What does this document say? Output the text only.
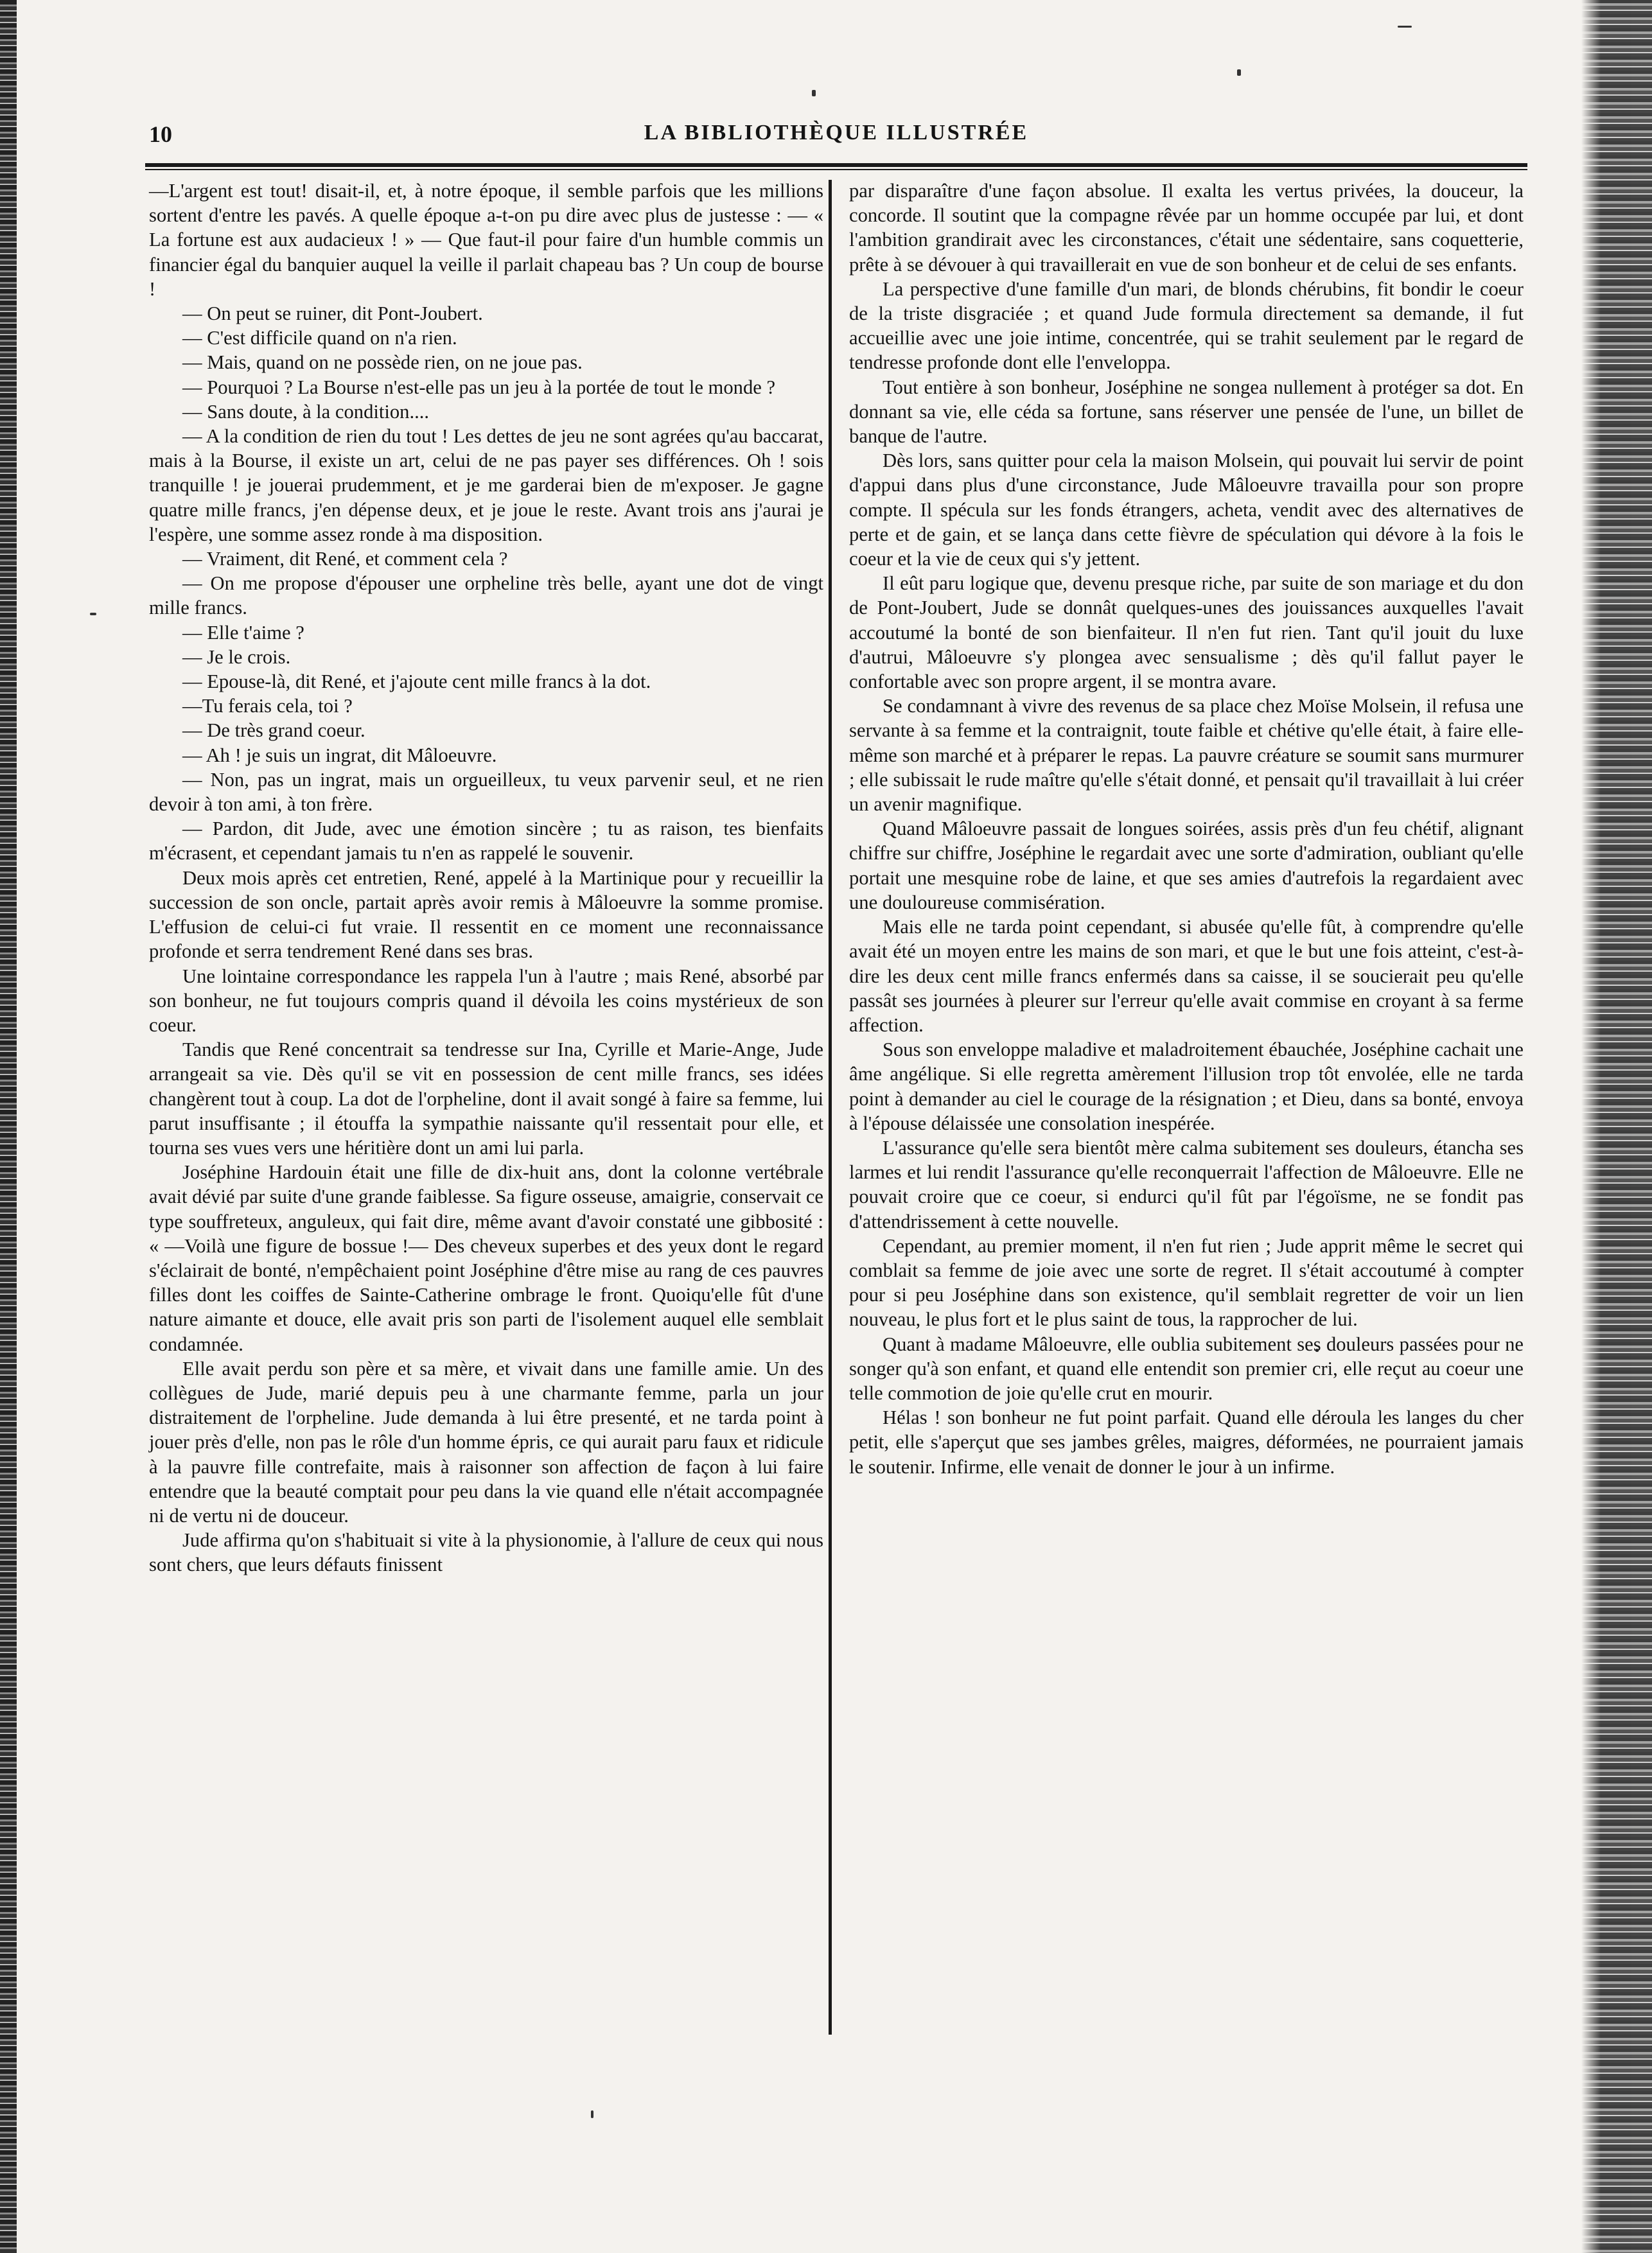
10	LA BIBLIOTHÈQUE ILLUSTRÉE

—L'argent est tout! disait-il, et, à notre époque, il semble parfois que les millions sortent d'entre les pavés. A quelle époque a-t-on pu dire avec plus de justesse : — « La fortune est aux audacieux ! » — Que faut-il pour faire d'un humble commis un financier égal du banquier auquel la veille il parlait chapeau bas ? Un coup de bourse !

— On peut se ruiner, dit Pont-Joubert.

— C'est difficile quand on n'a rien.

— Mais, quand on ne possède rien, on ne joue pas.

— Pourquoi ? La Bourse n'est-elle pas un jeu à la portée de tout le monde ?

— Sans doute, à la condition....

— A la condition de rien du tout ! Les dettes de jeu ne sont agrées qu'au baccarat, mais à la Bourse, il existe un art, celui de ne pas payer ses différences. Oh ! sois tranquille ! je jouerai prudemment, et je me garderai bien de m'exposer. Je gagne quatre mille francs, j'en dépense deux, et je joue le reste. Avant trois ans j'aurai je l'espère, une somme assez ronde à ma disposition.

— Vraiment, dit René, et comment cela ?

— On me propose d'épouser une orpheline très belle, ayant une dot de vingt mille francs.

— Elle t'aime ?

— Je le crois.

— Epouse-là, dit René, et j'ajoute cent mille francs à la dot.

—Tu ferais cela, toi ?

— De très grand coeur.

— Ah ! je suis un ingrat, dit Mâloeuvre.

— Non, pas un ingrat, mais un orgueilleux, tu veux parvenir seul, et ne rien devoir à ton ami, à ton frère.

— Pardon, dit Jude, avec une émotion sincère ; tu as raison, tes bienfaits m'écrasent, et cependant jamais tu n'en as rappelé le souvenir.

Deux mois après cet entretien, René, appelé à la Martinique pour y recueillir la succession de son oncle, partait après avoir remis à Mâloeuvre la somme promise. L'effusion de celui-ci fut vraie. Il ressentit en ce moment une reconnaissance profonde et serra tendrement René dans ses bras.

Une lointaine correspondance les rappela l'un à l'autre ; mais René, absorbé par son bonheur, ne fut toujours compris quand il dévoila les coins mystérieux de son coeur.

Tandis que René concentrait sa tendresse sur Ina, Cyrille et Marie-Ange, Jude arrangeait sa vie. Dès qu'il se vit en possession de cent mille francs, ses idées changèrent tout à coup. La dot de l'orpheline, dont il avait songé à faire sa femme, lui parut insuffisante ; il étouffa la sympathie naissante qu'il ressentait pour elle, et tourna ses vues vers une héritière dont un ami lui parla.

Joséphine Hardouin était une fille de dix-huit ans, dont la colonne vertébrale avait dévié par suite d'une grande faiblesse. Sa figure osseuse, amaigrie, conservait ce type souffreteux, anguleux, qui fait dire, même avant d'avoir constaté une gibbosité : « —Voilà une figure de bossue !— Des cheveux superbes et des yeux dont le regard s'éclairait de bonté, n'empêchaient point Joséphine d'être mise au rang de ces pauvres filles dont les coiffes de Sainte-Catherine ombrage le front. Quoiqu'elle fût d'une nature aimante et douce, elle avait pris son parti de l'isolement auquel elle semblait condamnée.

Elle avait perdu son père et sa mère, et vivait dans une famille amie. Un des collègues de Jude, marié depuis peu à une charmante femme, parla un jour distraitement de l'orpheline. Jude demanda à lui être presenté, et ne tarda point à jouer près d'elle, non pas le rôle d'un homme épris, ce qui aurait paru faux et ridicule à la pauvre fille contrefaite, mais à raisonner son affection de façon à lui faire entendre que la beauté comptait pour peu dans la vie quand elle n'était accompagnée ni de vertu ni de douceur.

Jude affirma qu'on s'habituait si vite à la physionomie, à l'allure de ceux qui nous sont chers, que leurs défauts finissent

par disparaître d'une façon absolue. Il exalta les vertus privées, la douceur, la concorde. Il soutint que la compagne rêvée par un homme occupée par lui, et dont l'ambition grandirait avec les circonstances, c'était une sédentaire, sans coquetterie, prête à se dévouer à qui travaillerait en vue de son bonheur et de celui de ses enfants.

La perspective d'une famille d'un mari, de blonds chérubins, fit bondir le coeur de la triste disgraciée ; et quand Jude formula directement sa demande, il fut accueillie avec une joie intime, concentrée, qui se trahit seulement par le regard de tendresse profonde dont elle l'enveloppa.

Tout entière à son bonheur, Joséphine ne songea nullement à protéger sa dot. En donnant sa vie, elle céda sa fortune, sans réserver une pensée de l'une, un billet de banque de l'autre.

Dès lors, sans quitter pour cela la maison Molsein, qui pouvait lui servir de point d'appui dans plus d'une circonstance, Jude Mâloeuvre travailla pour son propre compte. Il spécula sur les fonds étrangers, acheta, vendit avec des alternatives de perte et de gain, et se lança dans cette fièvre de spéculation qui dévore à la fois le coeur et la vie de ceux qui s'y jettent.

Il eût paru logique que, devenu presque riche, par suite de son mariage et du don de Pont-Joubert, Jude se donnât quelques-unes des jouissances auxquelles l'avait accoutumé la bonté de son bienfaiteur. Il n'en fut rien. Tant qu'il jouit du luxe d'autrui, Mâloeuvre s'y plongea avec sensualisme ; dès qu'il fallut payer le confortable avec son propre argent, il se montra avare.

Se condamnant à vivre des revenus de sa place chez Moïse Molsein, il refusa une servante à sa femme et la contraignit, toute faible et chétive qu'elle était, à faire elle-même son marché et à préparer le repas. La pauvre créature se soumit sans murmurer ; elle subissait le rude maître qu'elle s'était donné, et pensait qu'il travaillait à lui créer un avenir magnifique.

Quand Mâloeuvre passait de longues soirées, assis près d'un feu chétif, alignant chiffre sur chiffre, Joséphine le regardait avec une sorte d'admiration, oubliant qu'elle portait une mesquine robe de laine, et que ses amies d'autrefois la regardaient avec une douloureuse commisération.

Mais elle ne tarda point cependant, si abusée qu'elle fût, à comprendre qu'elle avait été un moyen entre les mains de son mari, et que le but une fois atteint, c'est-à-dire les deux cent mille francs enfermés dans sa caisse, il se soucierait peu qu'elle passât ses journées à pleurer sur l'erreur qu'elle avait commise en croyant à sa ferme affection.

Sous son enveloppe maladive et maladroitement ébauchée, Joséphine cachait une âme angélique. Si elle regretta amèrement l'illusion trop tôt envolée, elle ne tarda point à demander au ciel le courage de la résignation ; et Dieu, dans sa bonté, envoya à l'épouse délaissée une consolation inespérée.

L'assurance qu'elle sera bientôt mère calma subitement ses douleurs, étancha ses larmes et lui rendit l'assurance qu'elle reconquerrait l'affection de Mâloeuvre. Elle ne pouvait croire que ce coeur, si endurci qu'il fût par l'égoïsme, ne se fondit pas d'attendrissement à cette nouvelle.

Cependant, au premier moment, il n'en fut rien ; Jude apprit même le secret qui comblait sa femme de joie avec une sorte de regret. Il s'était accoutumé à compter pour si peu Joséphine dans son existence, qu'il semblait regretter de voir un lien nouveau, le plus fort et le plus saint de tous, la rapprocher de lui.

Quant à madame Mâloeuvre, elle oublia subitement ses douleurs passées pour ne songer qu'à son enfant, et quand elle entendit son premier cri, elle reçut au coeur une telle commotion de joie qu'elle crut en mourir.

Hélas ! son bonheur ne fut point parfait. Quand elle déroula les langes du cher petit, elle s'aperçut que ses jambes grêles, maigres, déformées, ne pourraient jamais le soutenir. Infirme, elle venait de donner le jour à un infirme.
